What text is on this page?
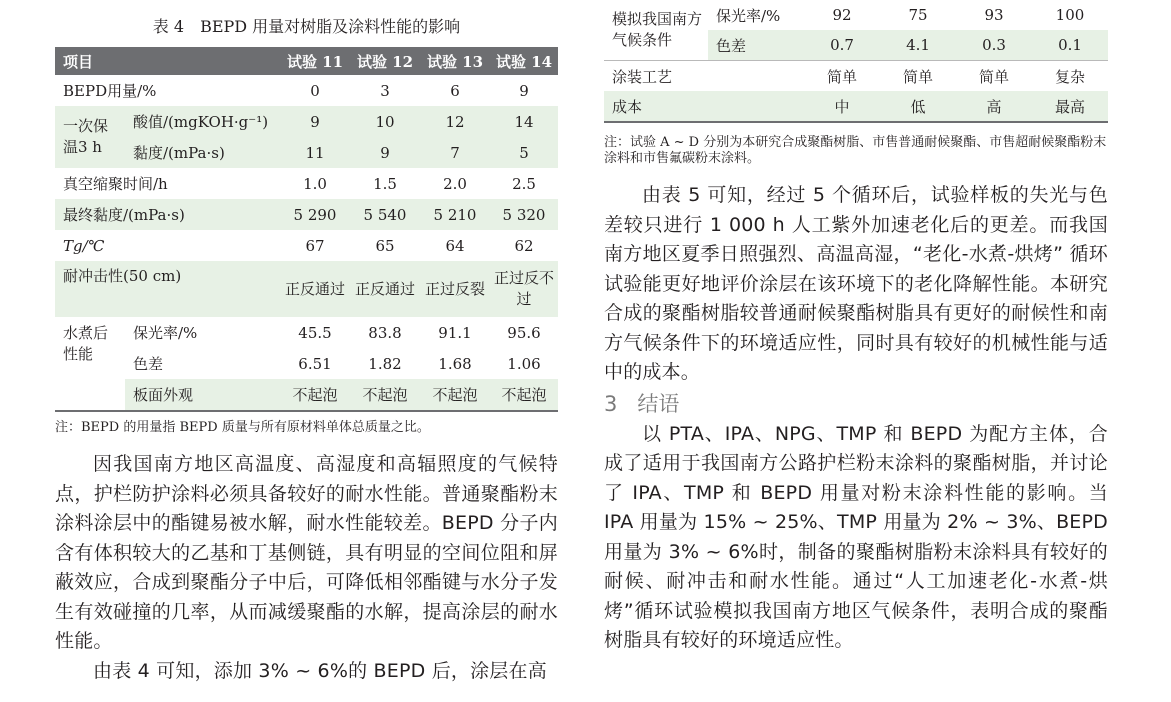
表 4　BEPD 用量对树脂及涂料性能的影响
项目		试验 11	试验 12	试验 13	试验 14
BEPD用量/%		0	3	6	9
一次保温3 h	酸值/(mgKOH·g⁻¹)	9	10	12	14
	黏度/(mPa·s)	11	9	7	5
真空缩聚时间/h		1.0	1.5	2.0	2.5
最终黏度/(mPa·s)		5 290	5 540	5 210	5 320
Tg/℃		67	65	64	62
耐冲击性(50 cm)		正反通过	正反通过	正过反裂	正过反不过
水煮后性能	保光率/%	45.5	83.8	91.1	95.6
	色差	6.51	1.82	1.68	1.06
	板面外观	不起泡	不起泡	不起泡	不起泡
注：BEPD 的用量指 BEPD 质量与所有原材料单体总质量之比。

因我国南方地区高温度、高湿度和高辐照度的气候特点，护栏防护涂料必须具备较好的耐水性能。普通聚酯粉末涂料涂层中的酯键易被水解，耐水性能较差。BEPD 分子内含有体积较大的乙基和丁基侧链，具有明显的空间位阻和屏蔽效应，合成到聚酯分子中后，可降低相邻酯键与水分子发生有效碰撞的几率，从而减缓聚酯的水解，提高涂层的耐水性能。

由表 4 可知，添加 3% ~ 6%的 BEPD 后，涂层在高

模拟我国南方气候条件	保光率/%	92	75	93	100
	色差	0.7	4.1	0.3	0.1
涂装工艺		简单	简单	简单	复杂
成本		中	低	高	最高
注：试验 A ~ D 分别为本研究合成聚酯树脂、市售普通耐候聚酯、市售超耐候聚酯粉末涂料和市售氟碳粉末涂料。

由表 5 可知，经过 5 个循环后，试验样板的失光与色差较只进行 1 000 h 人工紫外加速老化后的更差。而我国南方地区夏季日照强烈、高温高湿，“老化-水煮-烘烤” 循环试验能更好地评价涂层在该环境下的老化降解性能。本研究合成的聚酯树脂较普通耐候聚酯树脂具有更好的耐候性和南方气候条件下的环境适应性，同时具有较好的机械性能与适中的成本。

3 结语

以 PTA、IPA、NPG、TMP 和 BEPD 为配方主体，合成了适用于我国南方公路护栏粉末涂料的聚酯树脂，并讨论了 IPA、TMP 和 BEPD 用量对粉末涂料性能的影响。当 IPA 用量为 15% ~ 25%、TMP 用量为 2% ~ 3%、BEPD 用量为 3% ~ 6%时，制备的聚酯树脂粉末涂料具有较好的耐候、耐冲击和耐水性能。通过“人工加速老化-水煮-烘烤”循环试验模拟我国南方地区气候条件，表明合成的聚酯树脂具有较好的环境适应性。
